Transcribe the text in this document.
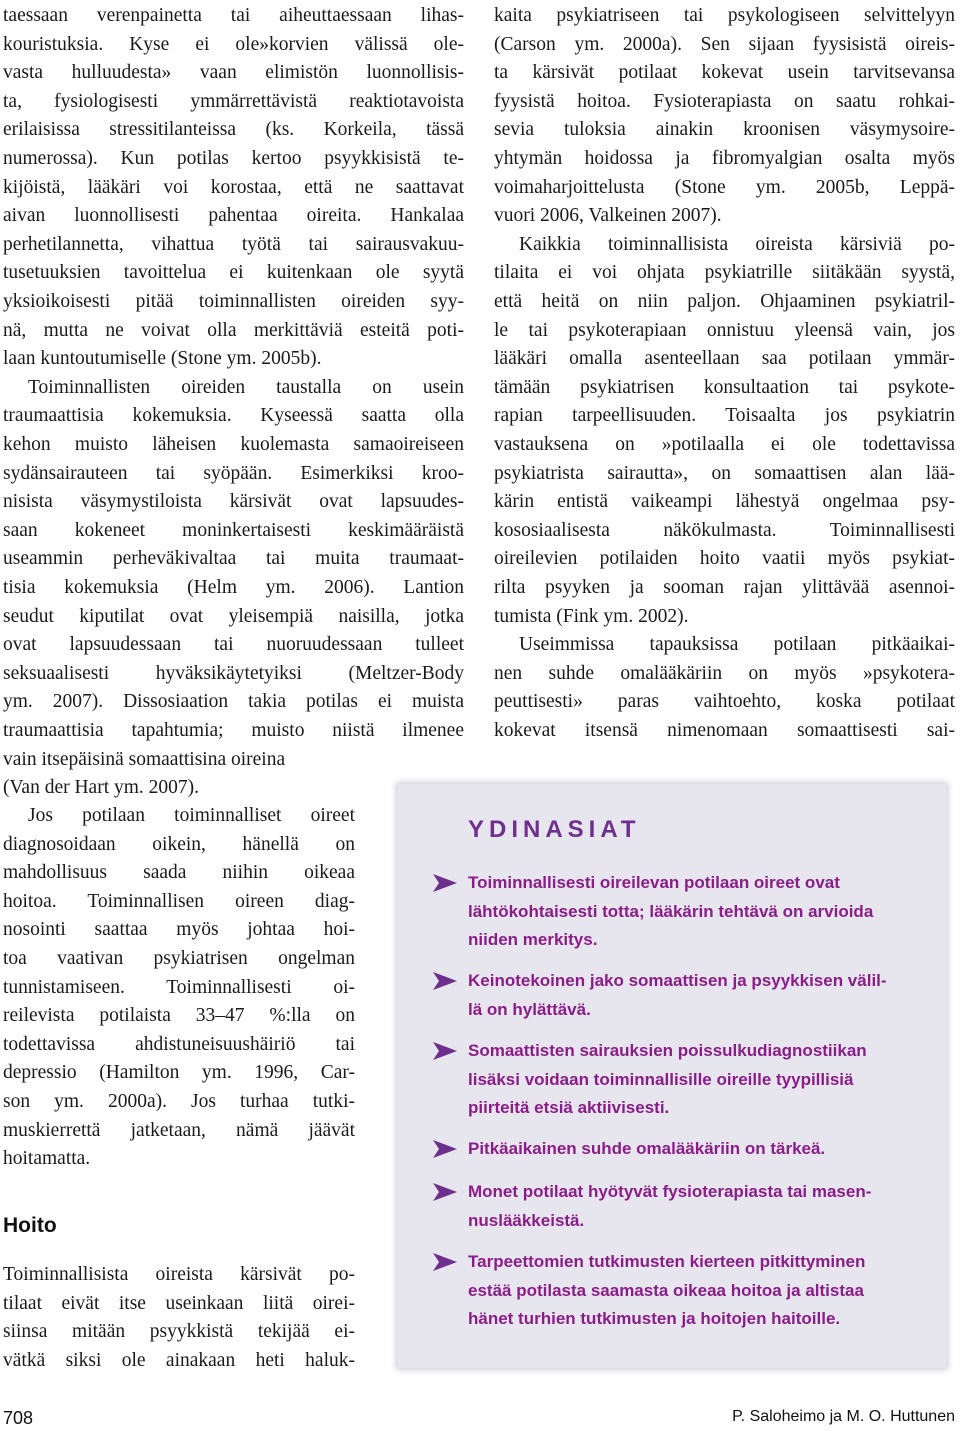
taessaan verenpainetta tai aiheuttaessaan lihas-
kouristuksia. Kyse ei ole»korvien välissä ole-
vasta hulluudesta» vaan elimistön luonnollisis-
ta, fysiologisesti ymmärrettävistä reaktiotavoista
erilaisissa stressitilanteissa (ks. Korkeila, tässä
numerossa). Kun potilas kertoo psyykkisistä te-
kijöistä, lääkäri voi korostaa, että ne saattavat
aivan luonnollisesti pahentaa oireita. Hankalaa
perhetilannetta, vihattua työtä tai sairausvakuu-
tusetuuksien tavoittelua ei kuitenkaan ole syytä
yksioikoisesti pitää toiminnallisten oireiden syy-
nä, mutta ne voivat olla merkittäviä esteitä poti-
laan kuntoutumiselle (Stone ym. 2005b).
Toiminnallisten oireiden taustalla on usein
traumaattisia kokemuksia. Kyseessä saatta olla
kehon muisto läheisen kuolemasta samaoireiseen
sydänsairauteen tai syöpään. Esimerkiksi kroo-
nisista väsymystiloista kärsivät ovat lapsuudes-
saan kokeneet moninkertaisesti keskimääräistä
useammin perheväkivaltaa tai muita traumaat-
tisia kokemuksia (Helm ym. 2006). Lantion
seudut kiputilat ovat yleisempiä naisilla, jotka
ovat lapsuudessaan tai nuoruudessaan tulleet
seksuaalisesti hyväksikäytetyiksi (Meltzer-Body
ym. 2007). Dissosiaation takia potilas ei muista
traumaattisia tapahtumia; muisto niistä ilmenee
vain itsepäisinä somaattisina oireina
(Van der Hart ym. 2007).
Jos potilaan toiminnalliset oireet
diagnosoidaan oikein, hänellä on
mahdollisuus saada niihin oikeaa
hoitoa. Toiminnallisen oireen diag-
nosointi saattaa myös johtaa hoi-
toa vaativan psykiatrisen ongelman
tunnistamiseen. Toiminnallisesti oi-
reilevista potilaista 33–47 %:lla on
todettavissa ahdistuneisuushäiriö tai
depressio (Hamilton ym. 1996, Car-
son ym. 2000a). Jos turhaa tutki-
muskierrettä jatketaan, nämä jäävät
hoitamatta.
Toiminnallisista oireista kärsivät po-
tilaat eivät itse useinkaan liitä oirei-
siinsa mitään psyykkistä tekijää ei-
vätkä siksi ole ainakaan heti haluk-
Hoito
kaita psykiatriseen tai psykologiseen selvittelyyn
(Carson ym. 2000a). Sen sijaan fyysisistä oireis-
ta kärsivät potilaat kokevat usein tarvitsevansa
fyysistä hoitoa. Fysioterapiasta on saatu rohkai-
sevia tuloksia ainakin kroonisen väsymysoire-
yhtymän hoidossa ja fibromyalgian osalta myös
voimaharjoittelusta (Stone ym. 2005b, Leppä-
vuori 2006, Valkeinen 2007).
Kaikkia toiminnallisista oireista kärsiviä po-
tilaita ei voi ohjata psykiatrille siitäkään syystä,
että heitä on niin paljon. Ohjaaminen psykiatril-
le tai psykoterapiaan onnistuu yleensä vain, jos
lääkäri omalla asenteellaan saa potilaan ymmär-
tämään psykiatrisen konsultaation tai psykote-
rapian tarpeellisuuden. Toisaalta jos psykiatrin
vastauksena on »potilaalla ei ole todettavissa
psykiatrista sairautta», on somaattisen alan lää-
kärin entistä vaikeampi lähestyä ongelmaa psy-
kososiaalisesta näkökulmasta. Toiminnallisesti
oireilevien potilaiden hoito vaatii myös psykiat-
rilta psyyken ja sooman rajan ylittävää asennoi-
tumista (Fink ym. 2002).
Useimmissa tapauksissa potilaan pitkäaikai-
nen suhde omalääkäriin on myös »psykotera-
peuttisesti» paras vaihtoehto, koska potilaat
kokevat itsensä nimenomaan somaattisesti sai-
YDINASIAT
Toiminnallisesti oireilevan potilaan oireet ovat
lähtökohtaisesti totta; lääkärin tehtävä on arvioida
niiden merkitys.
Keinotekoinen jako somaattisen ja psyykkisen välil-
lä on hylättävä.
Somaattisten sairauksien poissulkudiagnostiikan
lisäksi voidaan toiminnallisille oireille tyypillisiä
piirteitä etsiä aktiivisesti.
Pitkäaikainen suhde omalääkäriin on tärkeä.
Monet potilaat hyötyvät fysioterapiasta tai masen-
nuslääkkeistä.
Tarpeettomien tutkimusten kierteen pitkittyminen
estää potilasta saamasta oikeaa hoitoa ja altistaa
hänet turhien tutkimusten ja hoitojen haitoille.
708	P. Saloheimo ja M. O. Huttunen
